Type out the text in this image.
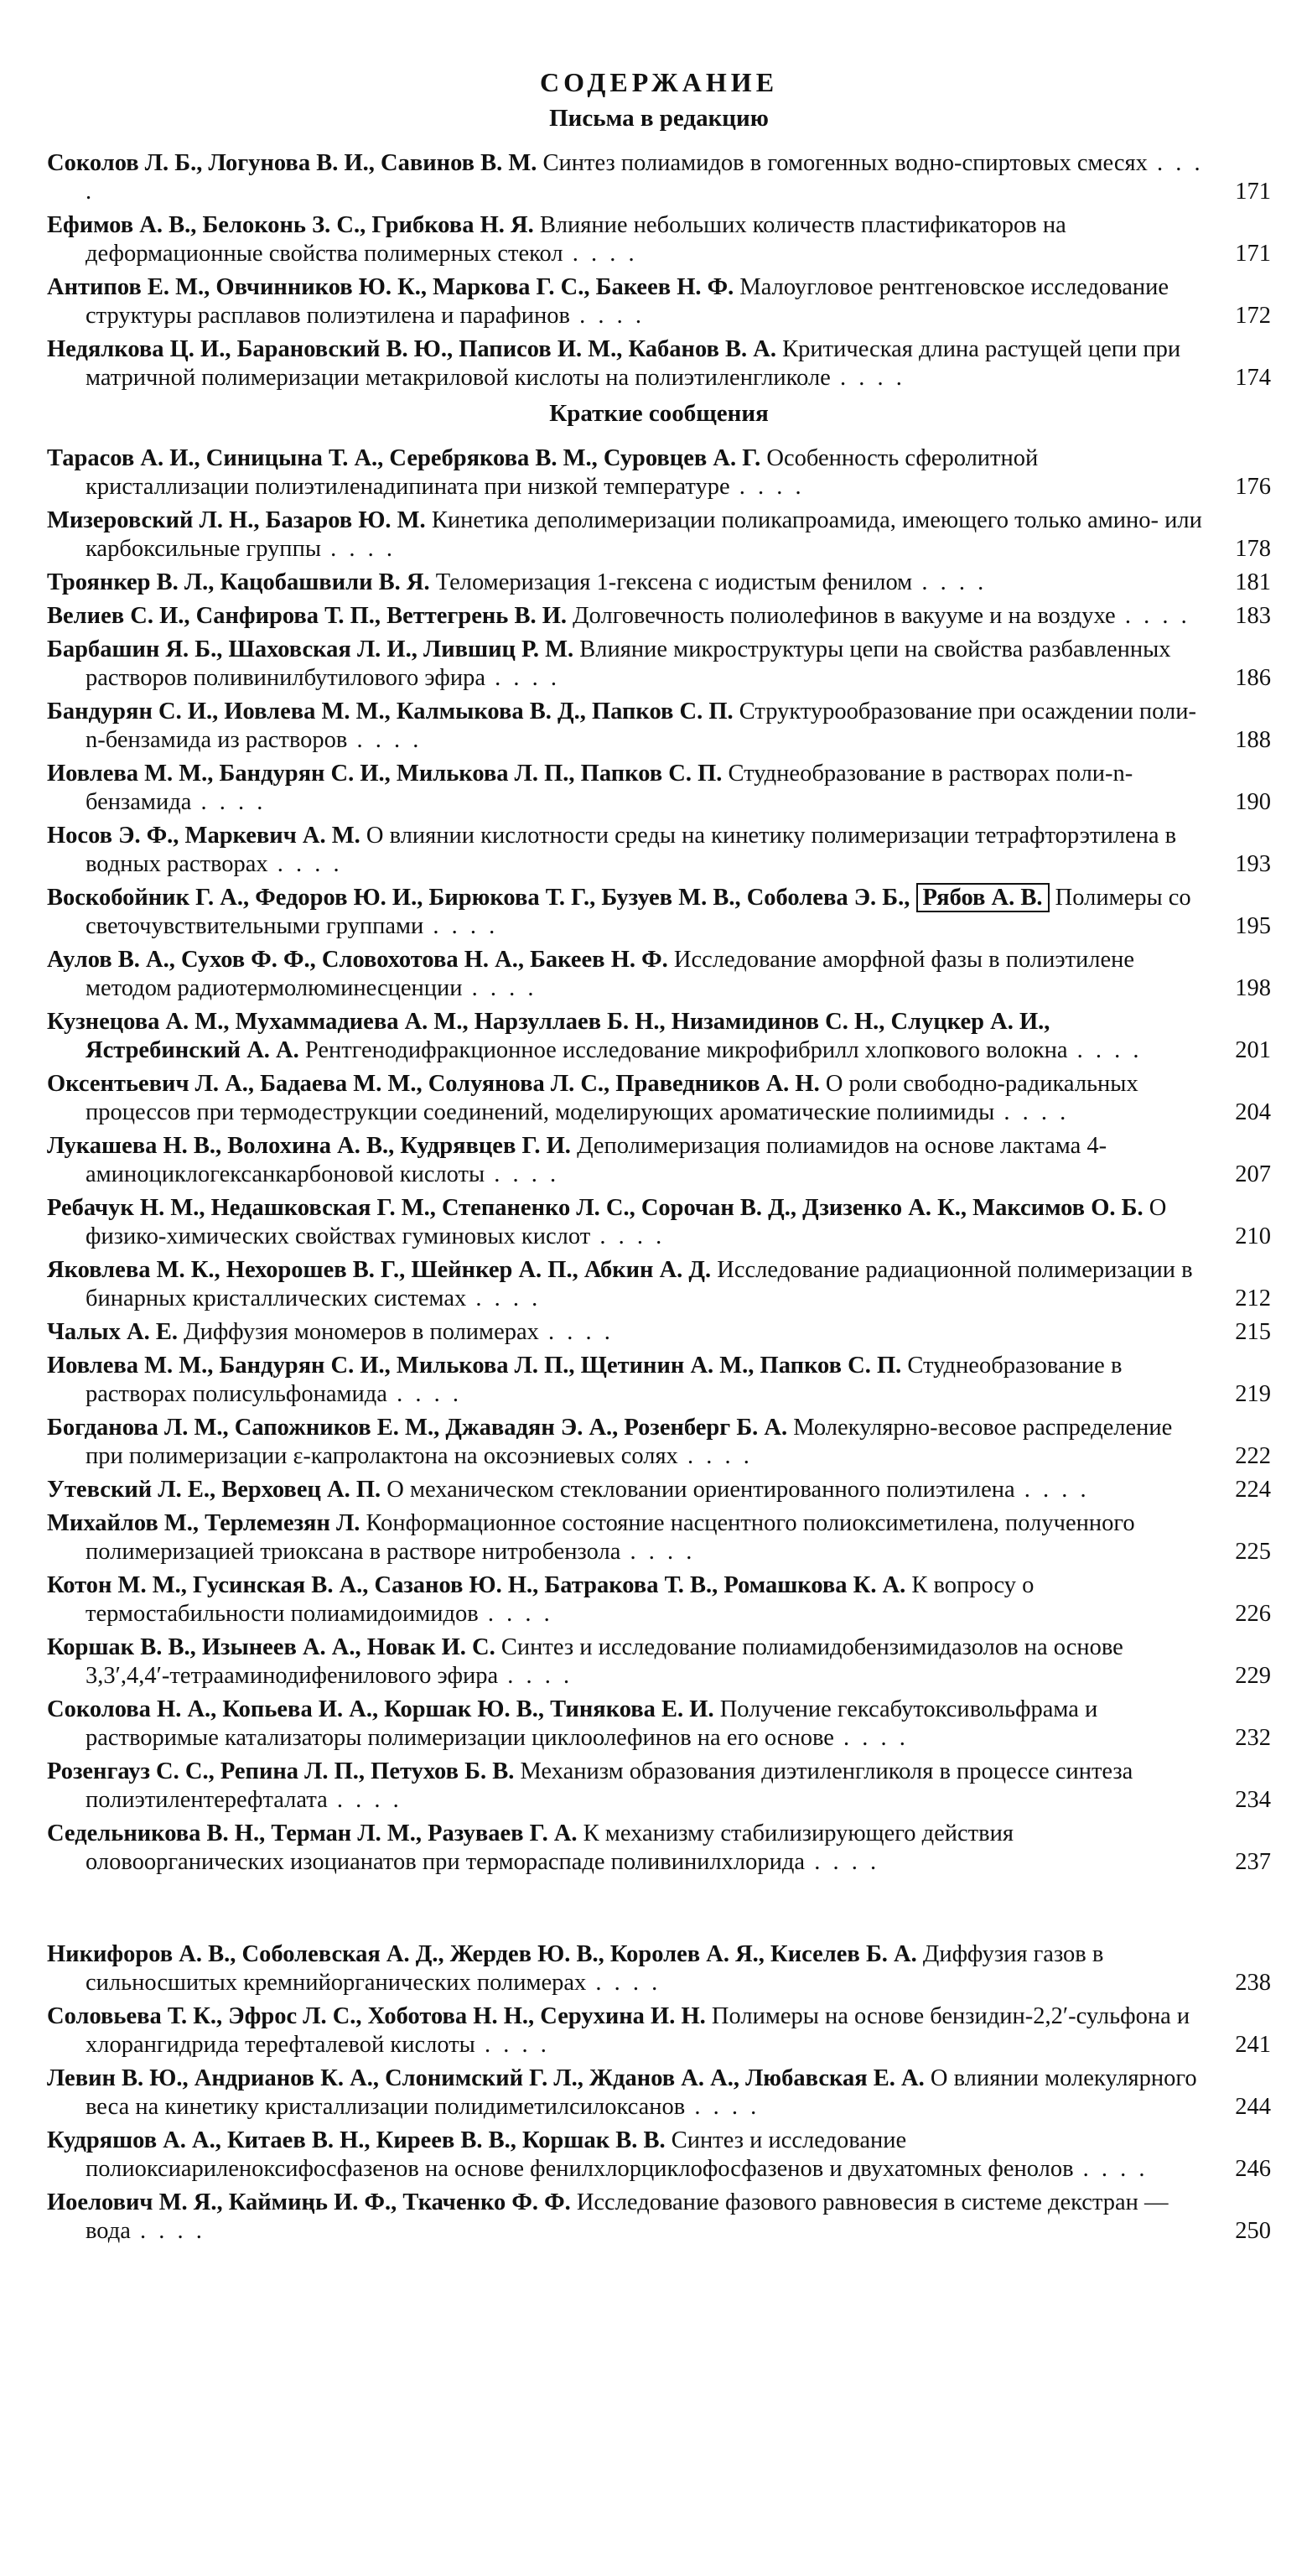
СОДЕРЖАНИЕ
Письма в редакцию
Соколов Л. Б., Логунова В. И., Савинов В. М. Синтез полиамидов в гомогенных водно-спиртовых смесях . . . .	171
Ефимов А. В., Белоконь З. С., Грибкова Н. Я. Влияние небольших количеств пластификаторов на деформационные свойства полимерных стекол . . . .	171
Антипов Е. М., Овчинников Ю. К., Маркова Г. С., Бакеев Н. Ф. Малоугловое рентгеновское исследование структуры расплавов полиэтилена и парафинов . . . .	172
Недялкова Ц. И., Барановский В. Ю., Паписов И. М., Кабанов В. А. Критическая длина растущей цепи при матричной полимеризации метакриловой кислоты на полиэтиленгликоле . . . .	174
Краткие сообщения
Тарасов А. И., Синицына Т. А., Серебрякова В. М., Суровцев А. Г. Особенность сферолитной кристаллизации полиэтиленадипината при низкой температуре . . . .	176
Мизеровский Л. Н., Базаров Ю. М. Кинетика деполимеризации поликапроамида, имеющего только амино- или карбоксильные группы . . . .	178
Троянкер В. Л., Кацобашвили В. Я. Теломеризация 1-гексена с иодистым фенилом . . . .	181
Велиев С. И., Санфирова Т. П., Веттегрень В. И. Долговечность полиолефинов в вакууме и на воздухе . . . .	183
Барбашин Я. Б., Шаховская Л. И., Лившиц Р. М. Влияние микроструктуры цепи на свойства разбавленных растворов поливинилбутилового эфира . . . .	186
Бандурян С. И., Иовлева М. М., Калмыкова В. Д., Папков С. П. Структурообразование при осаждении поли-n-бензамида из растворов . . . .	188
Иовлева М. М., Бандурян С. И., Милькова Л. П., Папков С. П. Студнеобразование в растворах поли-n-бензамида . . . .	190
Носов Э. Ф., Маркевич А. М. О влиянии кислотности среды на кинетику полимеризации тетрафторэтилена в водных растворах . . . .	193
Воскобойник Г. А., Федоров Ю. И., Бирюкова Т. Г., Бузуев М. В., Соболева Э. Б., Рябов А. В. Полимеры со светочувствительными группами . . . .	195
Аулов В. А., Сухов Ф. Ф., Словохотова Н. А., Бакеев Н. Ф. Исследование аморфной фазы в полиэтилене методом радиотермолюминесценции . . . .	198
Кузнецова А. М., Мухаммадиева А. М., Нарзуллаев Б. Н., Низамидинов С. Н., Слуцкер А. И., Ястребинский А. А. Рентгенодифракционное исследование микрофибрилл хлопкового волокна . . . .	201
Оксентьевич Л. А., Бадаева М. М., Солуянова Л. С., Праведников А. Н. О роли свободно-радикальных процессов при термодеструкции соединений, моделирующих ароматические полиимиды . . . .	204
Лукашева Н. В., Волохина А. В., Кудрявцев Г. И. Деполимеризация полиамидов на основе лактама 4-аминоциклогексанкарбоновой кислоты . . . .	207
Ребачук Н. М., Недашковская Г. М., Степаненко Л. С., Сорочан В. Д., Дзизенко А. К., Максимов О. Б. О физико-химических свойствах гуминовых кислот . . . .	210
Яковлева М. К., Нехорошев В. Г., Шейнкер А. П., Абкин А. Д. Исследование радиационной полимеризации в бинарных кристаллических системах . . . .	212
Чалых А. Е. Диффузия мономеров в полимерах . . . .	215
Иовлева М. М., Бандурян С. И., Милькова Л. П., Щетинин А. М., Папков С. П. Студнеобразование в растворах полисульфонамида . . . .	219
Богданова Л. М., Сапожников Е. М., Джавадян Э. А., Розенберг Б. А. Молекулярно-весовое распределение при полимеризации ε-капролактона на оксоэниевых солях . . . .	222
Утевский Л. Е., Верховец А. П. О механическом стекловании ориентированного полиэтилена . . . .	224
Михайлов М., Терлемезян Л. Конформационное состояние насцентного полиоксиметилена, полученного полимеризацией триоксана в растворе нитробензола . . . .	225
Котон М. М., Гусинская В. А., Сазанов Ю. Н., Батракова Т. В., Ромашкова К. А. К вопросу о термостабильности полиамидоимидов . . . .	226
Коршак В. В., Изынеев А. А., Новак И. С. Синтез и исследование полиамидобензимидазолов на основе 3,3′,4,4′-тетрааминодифенилового эфира . . . .	229
Соколова Н. А., Копьева И. А., Коршак Ю. В., Тинякова Е. И. Получение гексабутоксивольфрама и растворимые катализаторы полимеризации циклоолефинов на его основе . . . .	232
Розенгауз С. С., Репина Л. П., Петухов Б. В. Механизм образования диэтиленгликоля в процессе синтеза полиэтилентерефталата . . . .	234
Седельникова В. Н., Терман Л. М., Разуваев Г. А. К механизму стабилизирующего действия оловоорганических изоцианатов при термораспаде поливинилхлорида . . . .	237
Никифоров А. В., Соболевская А. Д., Жердев Ю. В., Королев А. Я., Киселев Б. А. Диффузия газов в сильносшитых кремнийорганических полимерах . . . .	238
Соловьева Т. К., Эфрос Л. С., Хоботова Н. Н., Серухина И. Н. Полимеры на основе бензидин-2,2′-сульфона и хлорангидрида терефталевой кислоты . . . .	241
Левин В. Ю., Андрианов К. А., Слонимский Г. Л., Жданов А. А., Любавская Е. А. О влиянии молекулярного веса на кинетику кристаллизации полидиметилсилоксанов . . . .	244
Кудряшов А. А., Китаев В. Н., Киреев В. В., Коршак В. В. Синтез и исследование полиоксиариленоксифосфазенов на основе фенилхлорциклофосфазенов и двухатомных фенолов . . . .	246
Иоелович М. Я., Каймиңь И. Ф., Ткаченко Ф. Ф. Исследование фазового равновесия в системе декстран — вода . . . .	250
